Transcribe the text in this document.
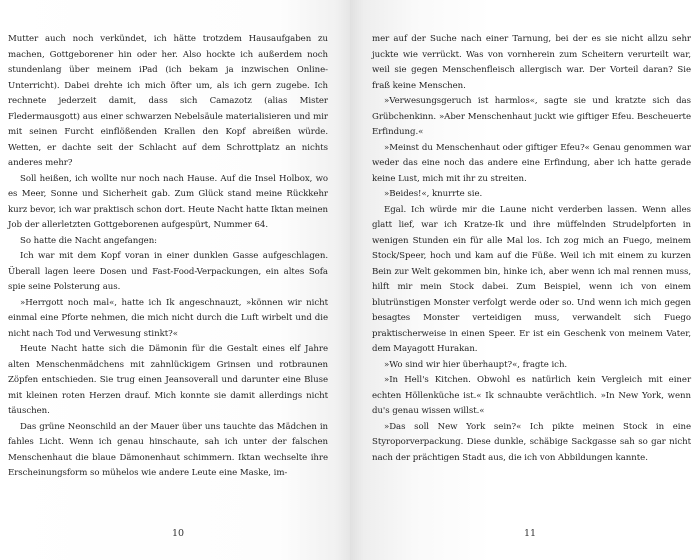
Mutter auch noch verkündet, ich hätte trotzdem Hausaufgaben zu machen, Gottgeborener hin oder her. Also hockte ich außerdem noch stundenlang über meinem iPad (ich bekam ja inzwischen Online-Unterricht). Dabei drehte ich mich öfter um, als ich gern zugebe. Ich rechnete jederzeit damit, dass sich Camazotz (alias Mister Fledermausgott) aus einer schwarzen Nebelsäule materialisieren und mir mit seinen Furcht einflößenden Krallen den Kopf abreißen würde. Wetten, er dachte seit der Schlacht auf dem Schrottplatz an nichts anderes mehr?

Soll heißen, ich wollte nur noch nach Hause. Auf die Insel Holbox, wo es Meer, Sonne und Sicherheit gab. Zum Glück stand meine Rückkehr kurz bevor, ich war praktisch schon dort. Heute Nacht hatte Iktan meinen Job der allerletzten Gottgeborenen aufgespürt, Nummer 64.

So hatte die Nacht angefangen:

Ich war mit dem Kopf voran in einer dunklen Gasse aufgeschlagen. Überall lagen leere Dosen und Fast-Food-Verpackungen, ein altes Sofa spie seine Polsterung aus.

»Herrgott noch mal«, hatte ich Ik angeschnauzt, »können wir nicht einmal eine Pforte nehmen, die mich nicht durch die Luft wirbelt und die nicht nach Tod und Verwesung stinkt?«

Heute Nacht hatte sich die Dämonin für die Gestalt eines elf Jahre alten Menschenmädchens mit zahnlückigem Grinsen und rotbraunen Zöpfen entschieden. Sie trug einen Jeansoverall und darunter eine Bluse mit kleinen roten Herzen drauf. Mich konnte sie damit allerdings nicht täuschen.

Das grüne Neonschild an der Mauer über uns tauchte das Mädchen in fahles Licht. Wenn ich genau hinschaute, sah ich unter der falschen Menschenhaut die blaue Dämonenhaut schimmern. Iktan wechselte ihre Erscheinungsform so mühelos wie andere Leute eine Maske, im-

10

mer auf der Suche nach einer Tarnung, bei der es sie nicht allzu sehr juckte wie verrückt. Was von vornherein zum Scheitern verurteilt war, weil sie gegen Menschenfleisch allergisch war. Der Vorteil daran? Sie fraß keine Menschen.

»Verwesungsgeruch ist harmlos«, sagte sie und kratzte sich das Grübchenkinn. »Aber Menschenhaut juckt wie giftiger Efeu. Bescheuerte Erfindung.«

»Meinst du Menschenhaut oder giftiger Efeu?« Genau genommen war weder das eine noch das andere eine Erfindung, aber ich hatte gerade keine Lust, mich mit ihr zu streiten.

»Beides!«, knurrte sie.

Egal. Ich würde mir die Laune nicht verderben lassen. Wenn alles glatt lief, war ich Kratze-Ik und ihre müffelnden Strudelpforten in wenigen Stunden ein für alle Mal los. Ich zog mich an Fuego, meinem Stock/Speer, hoch und kam auf die Füße. Weil ich mit einem zu kurzen Bein zur Welt gekommen bin, hinke ich, aber wenn ich mal rennen muss, hilft mir mein Stock dabei. Zum Beispiel, wenn ich von einem blutrünstigen Monster verfolgt werde oder so. Und wenn ich mich gegen besagtes Monster verteidigen muss, verwandelt sich Fuego praktischerweise in einen Speer. Er ist ein Geschenk von meinem Vater, dem Mayagott Hurakan.

»Wo sind wir hier überhaupt?«, fragte ich.

»In Hell's Kitchen. Obwohl es natürlich kein Vergleich mit einer echten Höllenküche ist.« Ik schnaubte verächtlich. »In New York, wenn du's genau wissen willst.«

»Das soll New York sein?« Ich pikte meinen Stock in eine Styroporverpackung. Diese dunkle, schäbige Sackgasse sah so gar nicht nach der prächtigen Stadt aus, die ich von Abbildungen kannte.

11
